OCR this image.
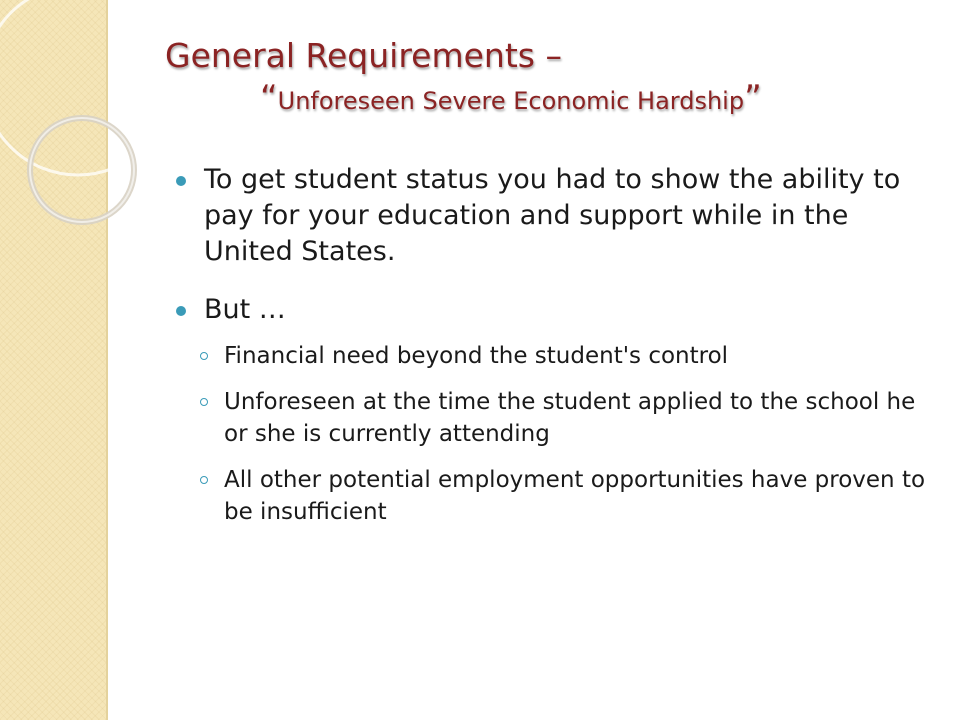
General Requirements –
“Unforeseen Severe Economic Hardship”
To get student status you had to show the ability to pay for your education and support while in the United States.
But …
Financial need beyond the student's control
Unforeseen at the time the student applied to the school he or she is currently attending
All other potential employment opportunities have proven to be insufficient
